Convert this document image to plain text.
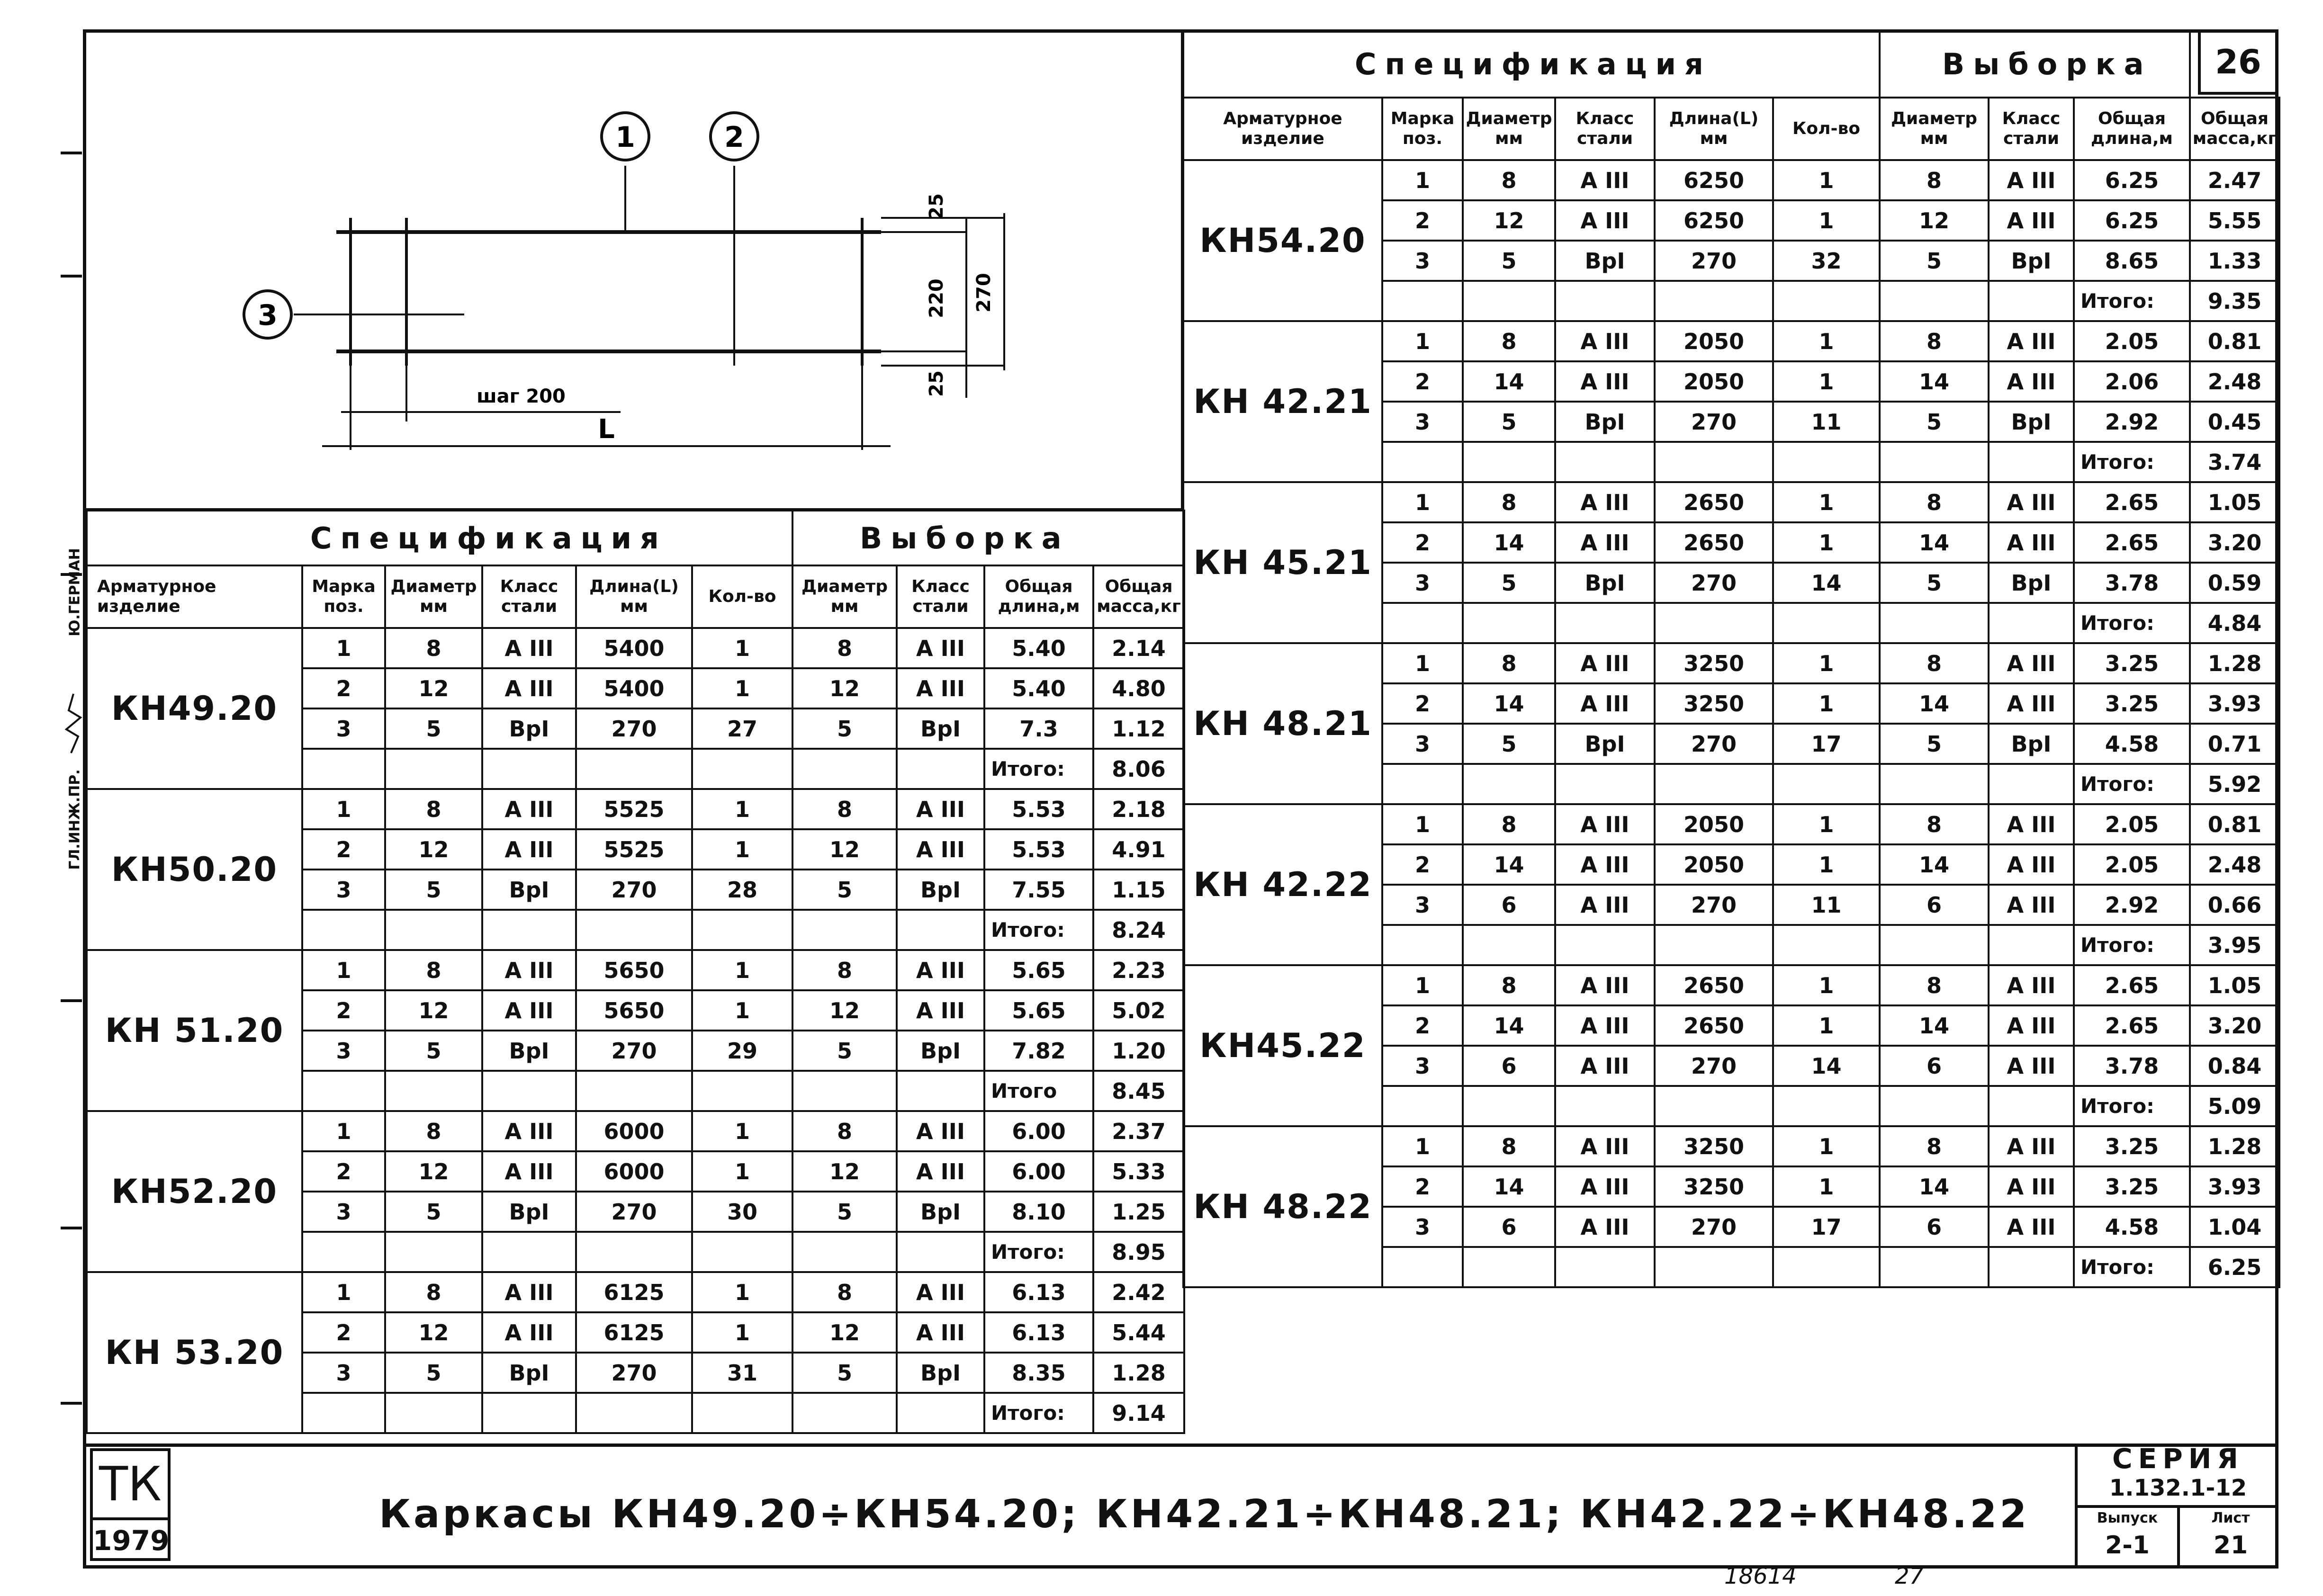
26
Ю.ГЕРМАН
ГЛ.ИНЖ.ПР.
1	2
3
25
220 270
25
шаг 200
L
Спецификация						Выборка			
Арматурное изделие	Марка поз.	Диаметр мм	Класс стали	Длина(L) мм	Кол-во	Диаметр мм	Класс стали	Общая длина,м	Общая масса,кг
КН49.20	1	8	А III	5400	1	8	А III	5.40	2.14
	2	12	А III	5400	1	12	А III	5.40	4.80
	3	5	ВрI	270	27	5	ВрI	7.3	1.12
								Итого:	8.06
КН50.20	1	8	А III	5525	1	8	А III	5.53	2.18
	2	12	А III	5525	1	12	А III	5.53	4.91
	3	5	ВрI	270	28	5	ВрI	7.55	1.15
								Итого:	8.24
КН 51.20	1	8	А III	5650	1	8	А III	5.65	2.23
	2	12	А III	5650	1	12	А III	5.65	5.02
	3	5	ВрI	270	29	5	ВрI	7.82	1.20
								Итого	8.45
КН52.20	1	8	А III	6000	1	8	А III	6.00	2.37
	2	12	А III	6000	1	12	А III	6.00	5.33
	3	5	ВрI	270	30	5	ВрI	8.10	1.25
								Итого:	8.95
КН 53.20	1	8	А III	6125	1	8	А III	6.13	2.42
	2	12	А III	6125	1	12	А III	6.13	5.44
	3	5	ВрI	270	31	5	ВрI	8.35	1.28
								Итого:	9.14
Спецификация						Выборка			
Арматурное изделие	Марка поз.	Диаметр мм	Класс стали	Длина(L) мм	Кол-во	Диаметр мм	Класс стали	Общая длина,м	Общая масса,кг
КН54.20	1	8	А III	6250	1	8	А III	6.25	2.47
	2	12	А III	6250	1	12	А III	6.25	5.55
	3	5	ВрI	270	32	5	ВрI	8.65	1.33
								Итого:	9.35
КН 42.21	1	8	А III	2050	1	8	А III	2.05	0.81
	2	14	А III	2050	1	14	А III	2.06	2.48
	3	5	ВрI	270	11	5	ВрI	2.92	0.45
								Итого:	3.74
КН 45.21	1	8	А III	2650	1	8	А III	2.65	1.05
	2	14	А III	2650	1	14	А III	2.65	3.20
	3	5	ВрI	270	14	5	ВрI	3.78	0.59
								Итого:	4.84
КН 48.21	1	8	А III	3250	1	8	А III	3.25	1.28
	2	14	А III	3250	1	14	А III	3.25	3.93
	3	5	ВрI	270	17	5	ВрI	4.58	0.71
								Итого:	5.92
КН 42.22	1	8	А III	2050	1	8	А III	2.05	0.81
	2	14	А III	2050	1	14	А III	2.05	2.48
	3	6	А III	270	11	6	А III	2.92	0.66
								Итого:	3.95
КН45.22	1	8	А III	2650	1	8	А III	2.65	1.05
	2	14	А III	2650	1	14	А III	2.65	3.20
	3	6	А III	270	14	6	А III	3.78	0.84
								Итого:	5.09
КН 48.22	1	8	А III	3250	1	8	А III	3.25	1.28
	2	14	А III	3250	1	14	А III	3.25	3.93
	3	6	А III	270	17	6	А III	4.58	1.04
								Итого:	6.25
ТК
1979
Каркасы КН49.20÷КН54.20; КН42.21÷КН48.21; КН42.22÷КН48.22
СЕРИЯ
1.132.1-12
Выпуск
2-1
Лист
21
18614	27
